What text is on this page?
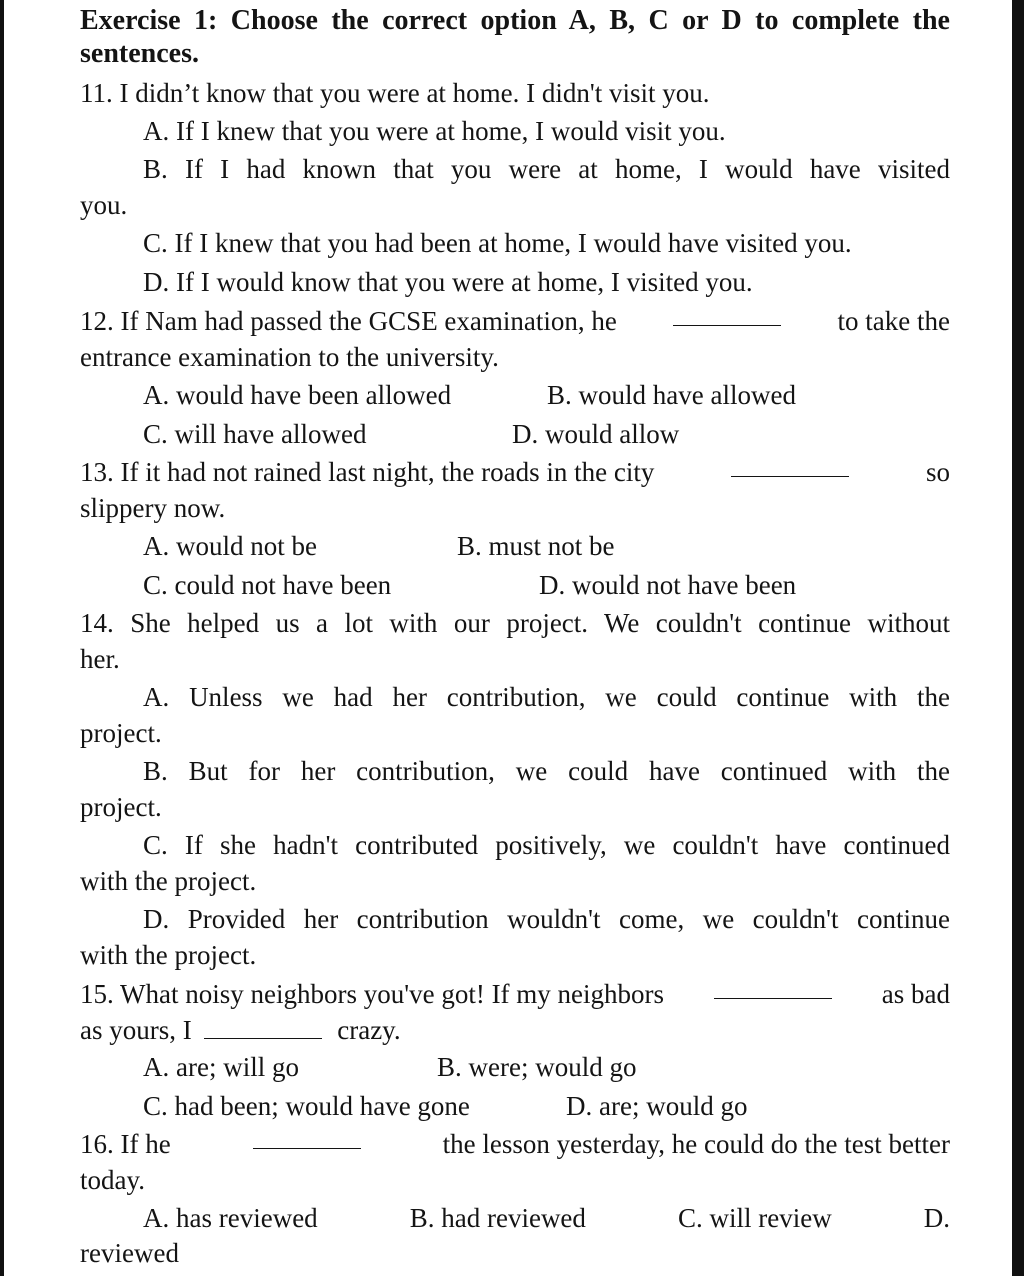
Exercise 1: Choose the correct option A, B, C or D to complete the
sentences.
11. I didn’t know that you were at home. I didn't visit you.
A. If I knew that you were at home, I would visit you.
B. If I had known that you were at home, I would have visited
you.
C. If I knew that you had been at home, I would have visited you.
D. If I would know that you were at home, I visited you.
12. If Nam had passed the GCSE examination, he	to take the
entrance examination to the university.
A. would have been allowed	B. would have allowed
C. will have allowed	D. would allow
13. If it had not rained last night, the roads in the city	so
slippery now.
A. would not be	B. must not be
C. could not have been	D. would not have been
14. She helped us a lot with our project. We couldn't continue without
her.
A. Unless we had her contribution, we could continue with the
project.
B. But for her contribution, we could have continued with the
project.
C. If she hadn't contributed positively, we couldn't have continued
with the project.
D. Provided her contribution wouldn't come, we couldn't continue
with the project.
15. What noisy neighbors you've got! If my neighbors	as bad
as yours, I	crazy.
A. are; will go	B. were; would go
C. had been; would have gone	D. are; would go
16. If he	the lesson yesterday, he could do the test better
today.
A. has reviewed	B. had reviewed	C. will review	D.
reviewed
